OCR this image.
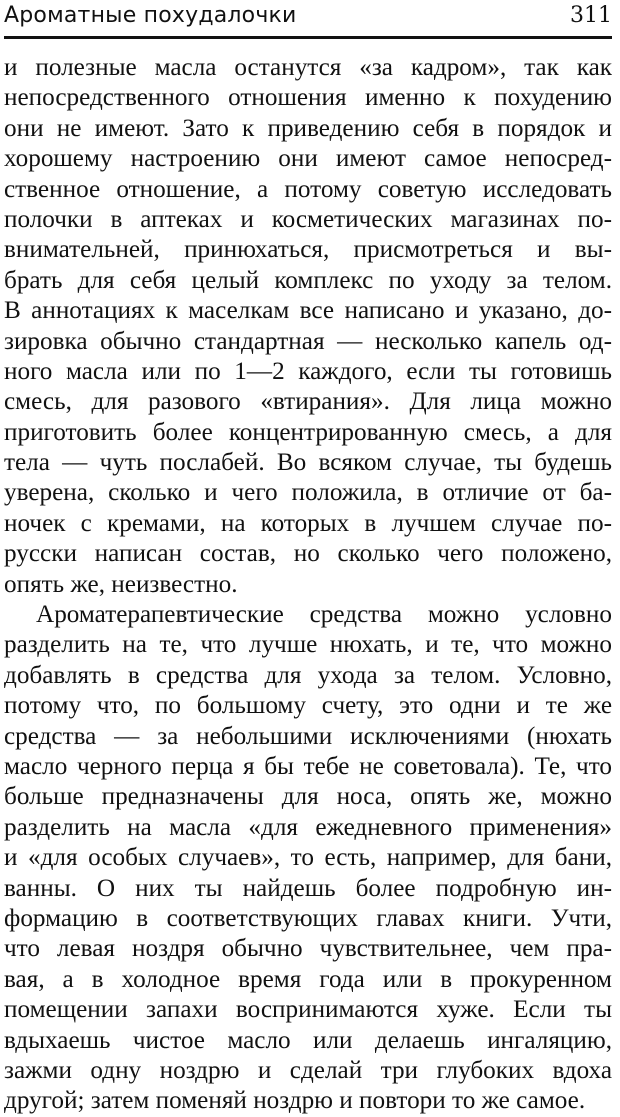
Ароматные похудалочки	311
и полезные масла останутся «за кадром», так как
непосредственного отношения именно к похудению
они не имеют. Зато к приведению себя в порядок и
хорошему настроению они имеют самое непосред-
ственное отношение, а потому советую исследовать
полочки в аптеках и косметических магазинах по-
внимательней, принюхаться, присмотреться и вы-
брать для себя целый комплекс по уходу за телом.
В аннотациях к маселкам все написано и указано, до-
зировка обычно стандартная — несколько капель од-
ного масла или по 1—2 каждого, если ты готовишь
смесь, для разового «втирания». Для лица можно
приготовить более концентрированную смесь, а для
тела — чуть послабей. Во всяком случае, ты будешь
уверена, сколько и чего положила, в отличие от ба-
ночек с кремами, на которых в лучшем случае по-
русски написан состав, но сколько чего положено,
опять же, неизвестно.
Ароматерапевтические средства можно условно
разделить на те, что лучше нюхать, и те, что можно
добавлять в средства для ухода за телом. Условно,
потому что, по большому счету, это одни и те же
средства — за небольшими исключениями (нюхать
масло черного перца я бы тебе не советовала). Те, что
больше предназначены для носа, опять же, можно
разделить на масла «для ежедневного применения»
и «для особых случаев», то есть, например, для бани,
ванны. О них ты найдешь более подробную ин-
формацию в соответствующих главах книги. Учти,
что левая ноздря обычно чувствительнее, чем пра-
вая, а в холодное время года или в прокуренном
помещении запахи воспринимаются хуже. Если ты
вдыхаешь чистое масло или делаешь ингаляцию,
зажми одну ноздрю и сделай три глубоких вдоха
другой; затем поменяй ноздрю и повтори то же самое.
